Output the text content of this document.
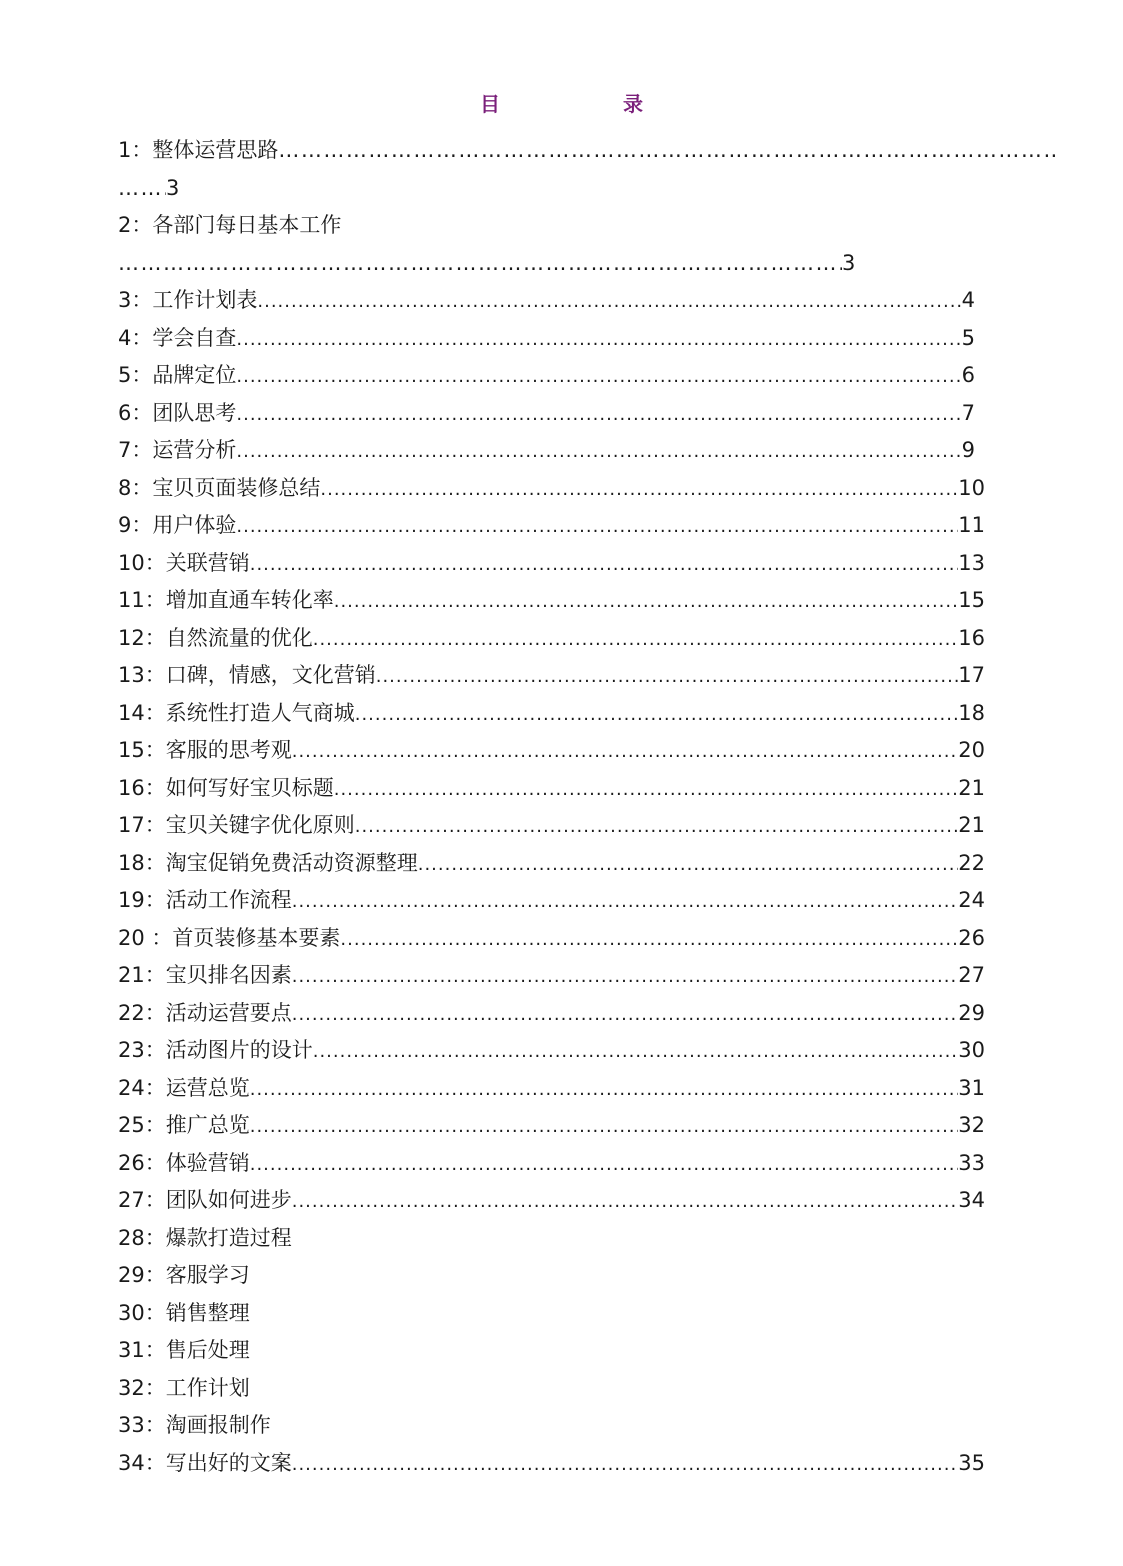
目 录
1：整体运营思路
…………………………………………………………………………………………………………………………
…………………………………………………………………………………………………………………………
3
2：各部门每日基本工作
…………………………………………………………………………………………………………………………
3
3：工作计划表 .....	4
4：学会自查 .....	5
5：品牌定位 .....	6
6：团队思考 .....	7
7：运营分析 .....	9
8：宝贝页面装修总结 .....	10
9：用户体验 .....	11
10：关联营销 .....	13
11：增加直通车转化率 .....	15
12：自然流量的优化 .....	16
13：口碑，情感，文化营销 .....	17
14：系统性打造人气商城 .....	18
15：客服的思考观 .....	20
16：如何写好宝贝标题 .....	21
17：宝贝关键字优化原则 .....	21
18：淘宝促销免费活动资源整理 .....	22
19：活动工作流程 .....	24
20 ：首页装修基本要素 .....	26
21：宝贝排名因素 .....	27
22：活动运营要点 .....	29
23：活动图片的设计 .....	30
24：运营总览 .....	31
25：推广总览 .....	32
26：体验营销 .....	33
27：团队如何进步 .....	34
28：爆款打造过程
29：客服学习
30：销售整理
31：售后处理
32：工作计划
33：淘画报制作
34：写出好的文案 .....	35
